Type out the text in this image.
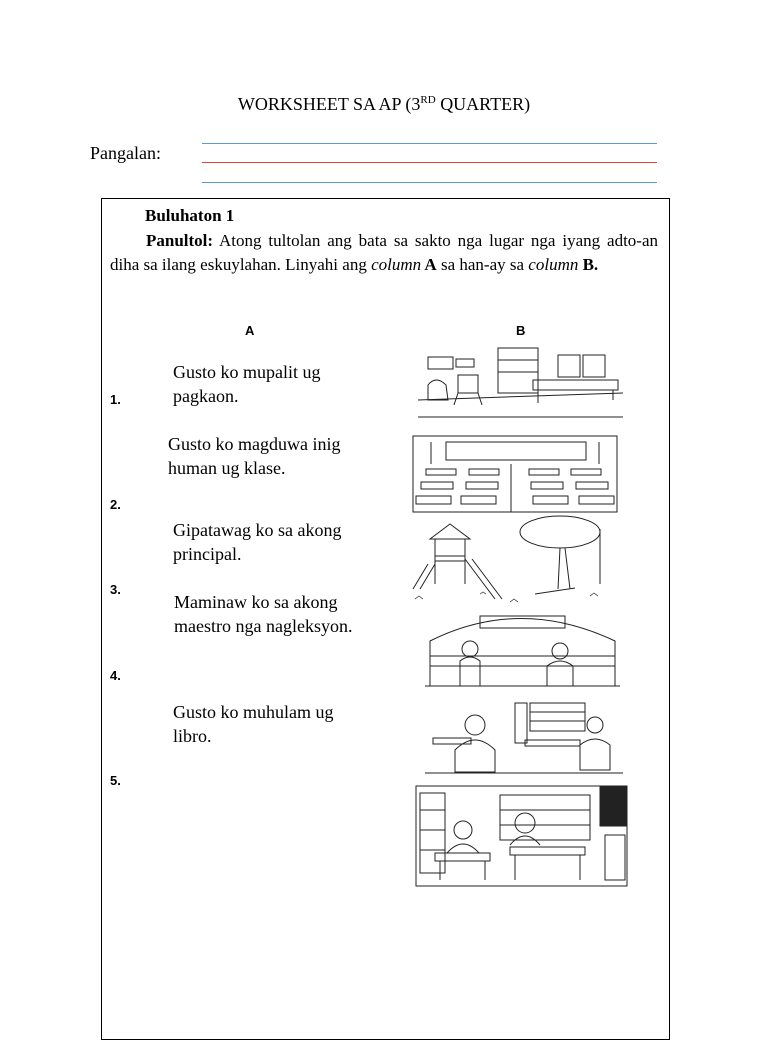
WORKSHEET SA AP (3RD QUARTER)
Pangalan:
Buluhaton 1
Panultol: Atong tultolan ang bata sa sakto nga lugar nga iyang adto-an diha sa ilang eskuylahan. Linyahi ang column A sa han-ay sa column B.
A	B
1.
2.
3.
4.
5.
Gusto ko mupalit ug pagkaon.
Gusto ko magduwa inig human ug klase.
Gipatawag ko sa akong principal.
Maminaw ko sa akong maestro nga nagleksyon.
Gusto ko muhulam ug libro.
